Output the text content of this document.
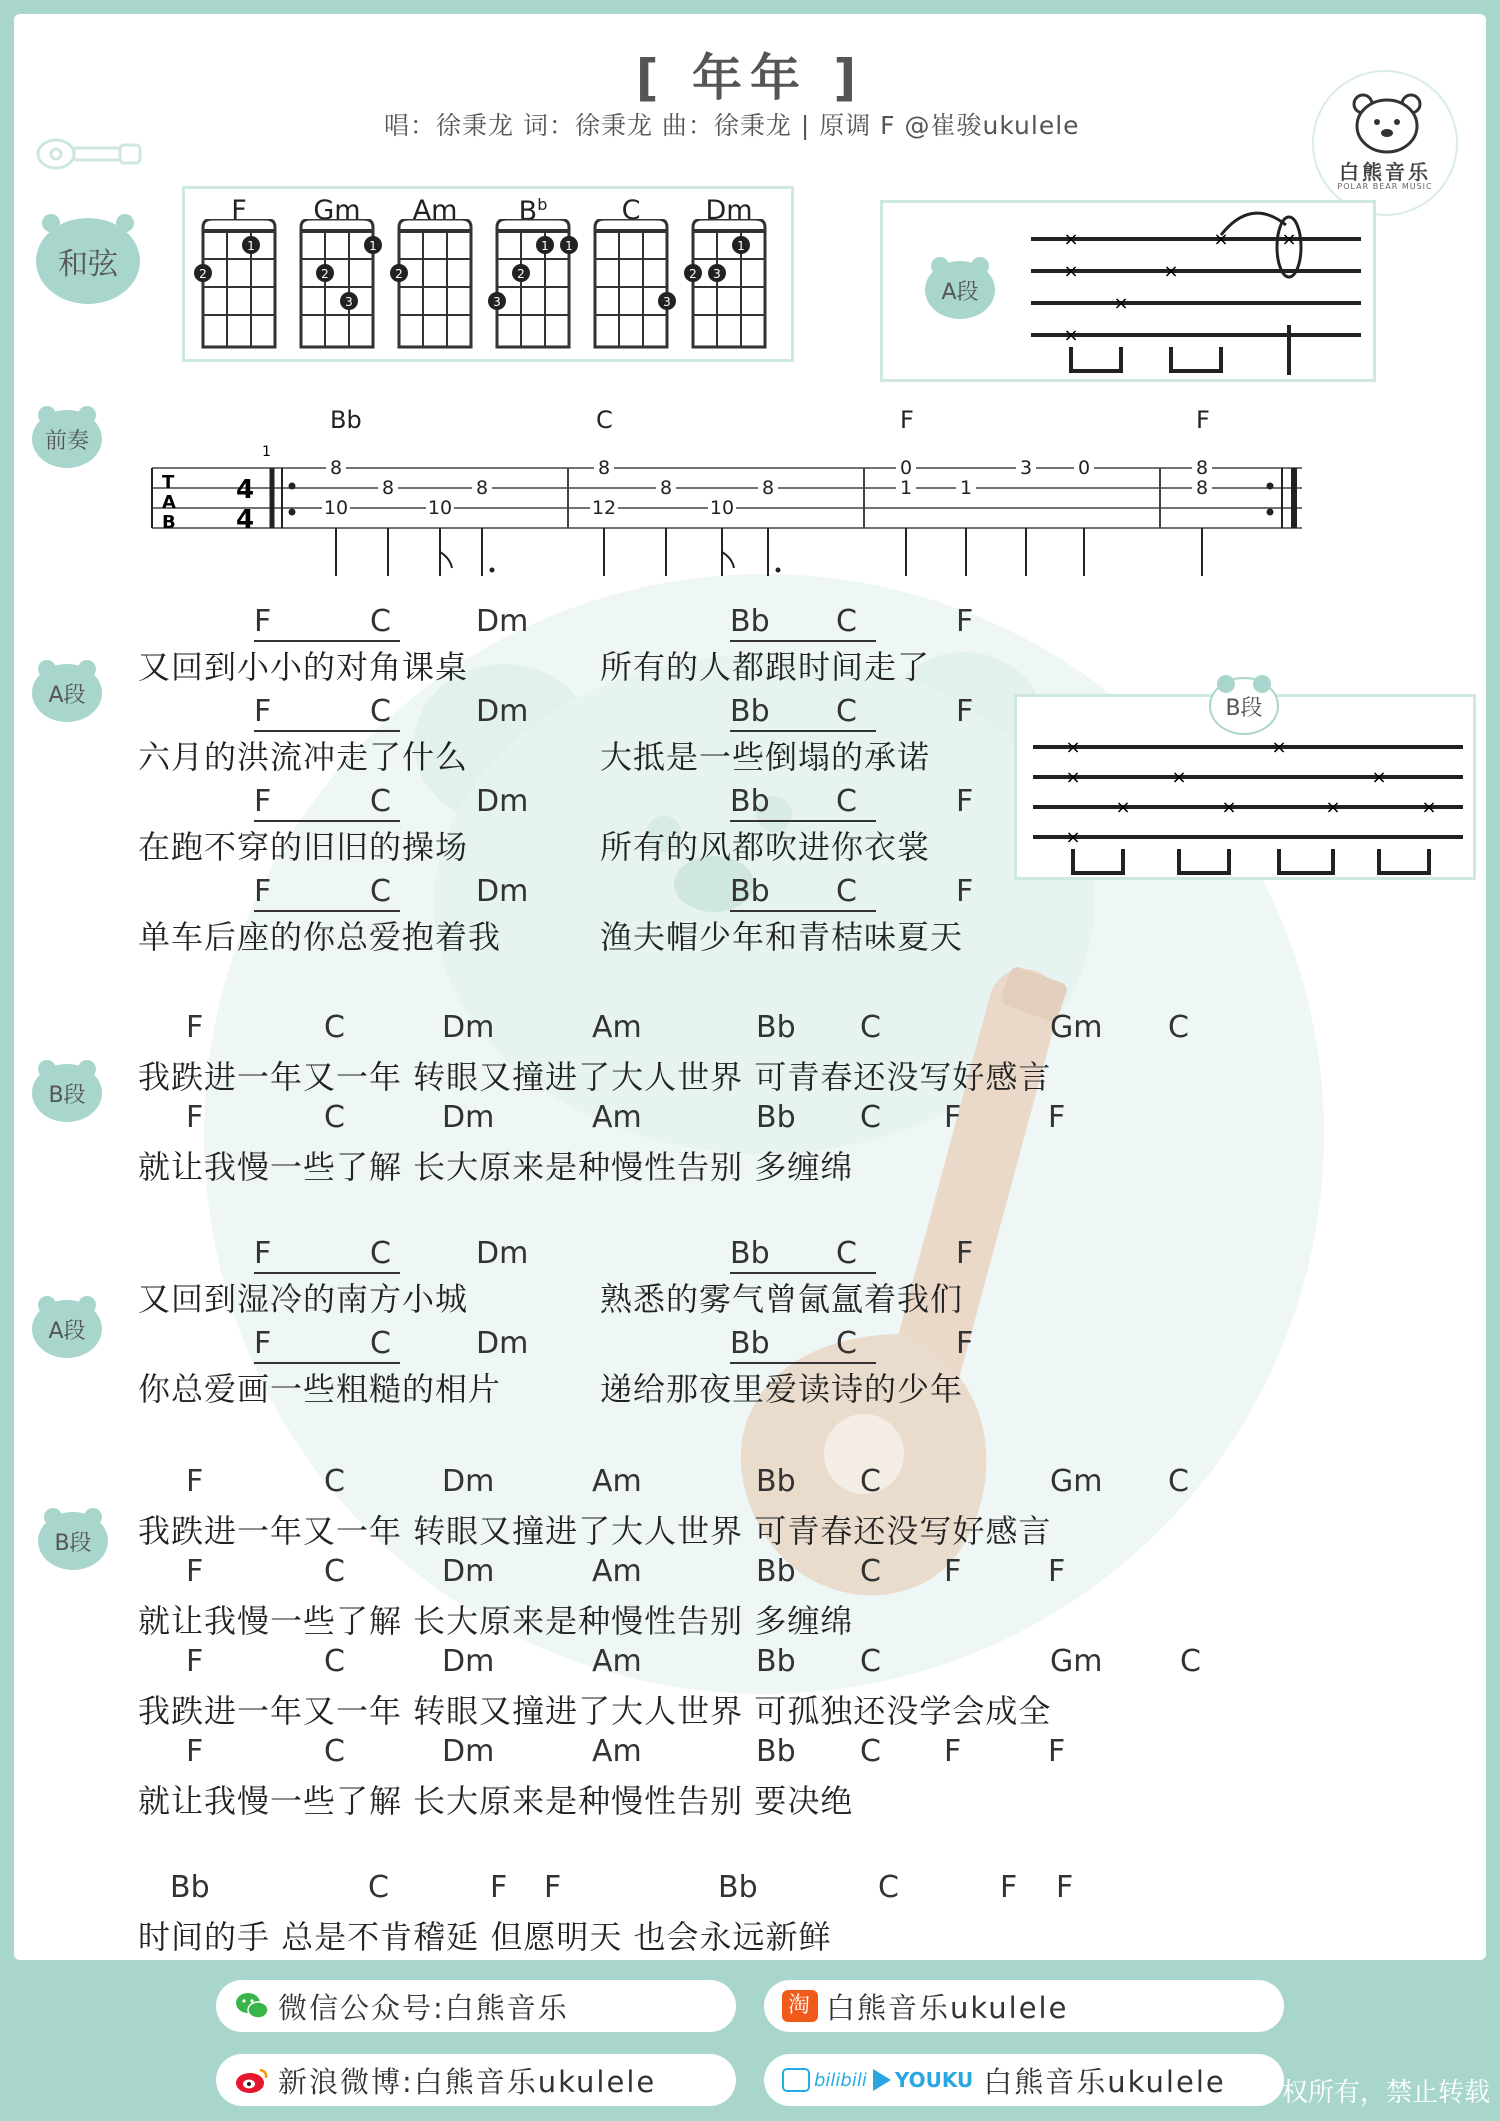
[ 年年 ]
唱：徐秉龙 词：徐秉龙 曲：徐秉龙 | 原调 F @崔骏ukulele
白熊音乐
POLAR BEAR MUSIC
和弦
F
1
2
Gm
1
2
3
Am
2
$B^b$
1 1
2
3
C
3
Dm
1
2 3
A段
×
×
×
×
×
×	×
B段
×
×
×
×
×
×
×
×
×
×
前奏
Bb	C	F	F
T
A
B
4
4
1
8
10
8
10
8
8
12
8
10
8
0
1	1
3 0	8
8
A段
B段
A段
B段
F	C	Dm	Bb C	F
又回到小小的对角课桌	所有的人都跟时间走了
F	C	Dm	Bb C	F
六月的洪流冲走了什么	大抵是一些倒塌的承诺
F	C	Dm	Bb C	F
在跑不穿的旧旧的操场	所有的风都吹进你衣裳
F	C	Dm	Bb C	F
单车后座的你总爱抱着我	渔夫帽少年和青桔味夏天
F	C	Dm	Am	Bb C	Gm C
我跌进一年又一年 转眼又撞进了大人世界 可青春还没写好感言
F	C	Dm	Am	Bb C F	F
就让我慢一些了解 长大原来是种慢性告别 多缠绵
F	C	Dm	Bb C	F
又回到湿冷的南方小城	熟悉的雾气曾氤氲着我们
F	C	Dm	Bb C	F
你总爱画一些粗糙的相片	递给那夜里爱读诗的少年
F	C	Dm	Am	Bb C	Gm C
我跌进一年又一年 转眼又撞进了大人世界 可青春还没写好感言
F	C	Dm	Am	Bb C F	F
就让我慢一些了解 长大原来是种慢性告别 多缠绵
F	C	Dm	Am	Bb C	Gm	C
我跌进一年又一年 转眼又撞进了大人世界 可孤独还没学会成全
F	C	Dm	Am	Bb C F	F
就让我慢一些了解 长大原来是种慢性告别 要决绝
Bb	C	F F	Bb	C	F F
时间的手 总是不肯稽延 但愿明天 也会永远新鲜
微信公众号:白熊音乐	淘 白熊音乐ukulele
新浪微博:白熊音乐ukulele	bilibili YOUKU 白熊音乐ukulele 权所有，禁止转载
